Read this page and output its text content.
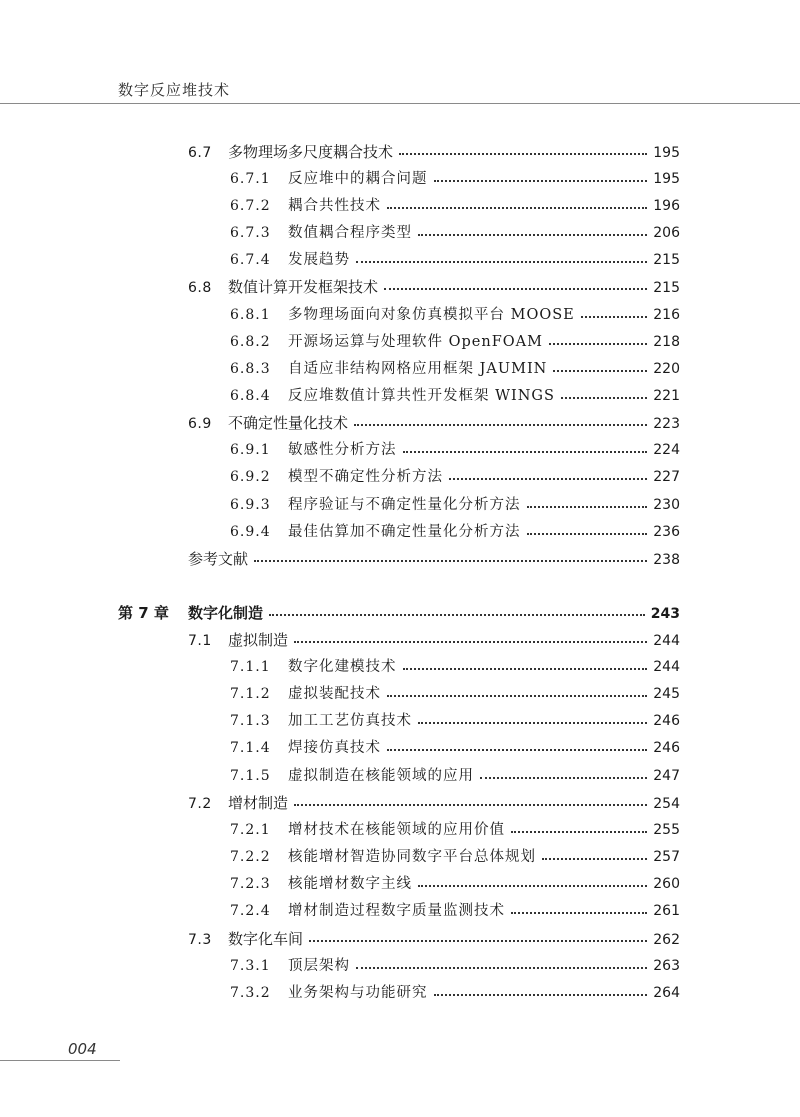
数字反应堆技术
6.7	多物理场多尺度耦合技术	195
6.7.1	反应堆中的耦合问题	195
6.7.2	耦合共性技术	196
6.7.3	数值耦合程序类型	206
6.7.4	发展趋势	215
6.8	数值计算开发框架技术	215
6.8.1	多物理场面向对象仿真模拟平台 MOOSE	216
6.8.2	开源场运算与处理软件 OpenFOAM	218
6.8.3	自适应非结构网格应用框架 JAUMIN	220
6.8.4	反应堆数值计算共性开发框架 WINGS	221
6.9	不确定性量化技术	223
6.9.1	敏感性分析方法	224
6.9.2	模型不确定性分析方法	227
6.9.3	程序验证与不确定性量化分析方法	230
6.9.4	最佳估算加不确定性量化分析方法	236
参考文献	238
第 7 章	数字化制造	243
7.1	虚拟制造	244
7.1.1	数字化建模技术	244
7.1.2	虚拟装配技术	245
7.1.3	加工工艺仿真技术	246
7.1.4	焊接仿真技术	246
7.1.5	虚拟制造在核能领域的应用	247
7.2	增材制造	254
7.2.1	增材技术在核能领域的应用价值	255
7.2.2	核能增材智造协同数字平台总体规划	257
7.2.3	核能增材数字主线	260
7.2.4	增材制造过程数字质量监测技术	261
7.3	数字化车间	262
7.3.1	顶层架构	263
7.3.2	业务架构与功能研究	264
004
